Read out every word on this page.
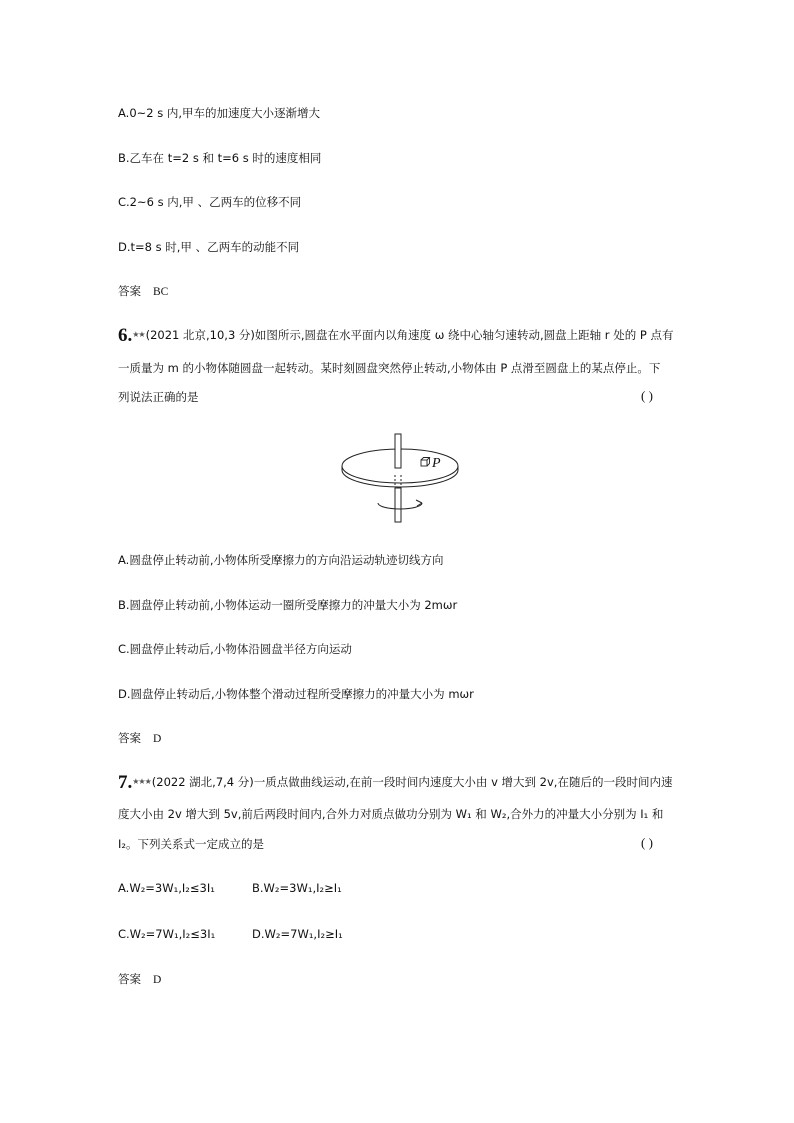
A.0~2 s 内,甲车的加速度大小逐渐增大
B.乙车在 t=2 s 和 t=6 s 时的速度相同
C.2~6 s 内,甲 、乙两车的位移不同
D.t=8 s 时,甲 、乙两车的动能不同
答案 BC
6.★★(2021 北京,10,3 分)如图所示,圆盘在水平面内以角速度 ω 绕中心轴匀速转动,圆盘上距轴 r 处的 P 点有
一质量为 m 的小物体随圆盘一起转动。某时刻圆盘突然停止转动,小物体由 P 点滑至圆盘上的某点停止。下
列说法正确的是	( )
P
A.圆盘停止转动前,小物体所受摩擦力的方向沿运动轨迹切线方向
B.圆盘停止转动前,小物体运动一圈所受摩擦力的冲量大小为 2mωr
C.圆盘停止转动后,小物体沿圆盘半径方向运动
D.圆盘停止转动后,小物体整个滑动过程所受摩擦力的冲量大小为 mωr
答案 D
7.★★★(2022 湖北,7,4 分)一质点做曲线运动,在前一段时间内速度大小由 v 增大到 2v,在随后的一段时间内速
度大小由 2v 增大到 5v,前后两段时间内,合外力对质点做功分别为 W₁ 和 W₂,合外力的冲量大小分别为 I₁ 和
I₂。下列关系式一定成立的是	( )
A.W₂=3W₁,I₂≤3I₁	B.W₂=3W₁,I₂≥I₁
C.W₂=7W₁,I₂≤3I₁	D.W₂=7W₁,I₂≥I₁
答案 D
